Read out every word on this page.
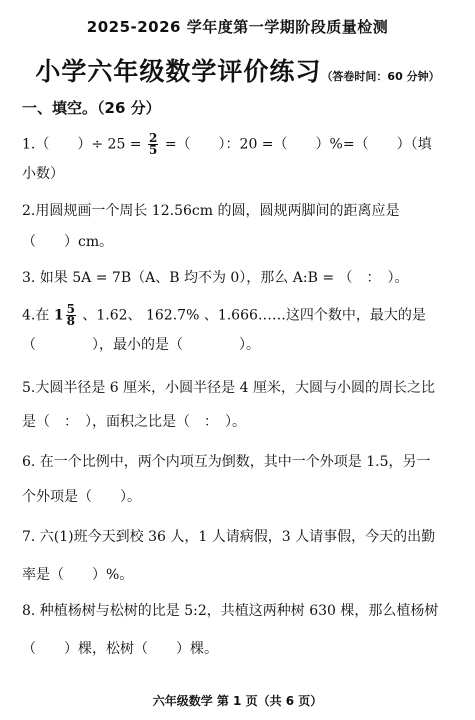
2025-2026 学年度第一学期阶段质量检测
小学六年级数学评价练习（答卷时间：60 分钟）
一、填空。（26 分）
1.（　　）÷ $25 = \frac{2}{5}$ =（　　）：20 =（　　）%=（　　）（填
小数）
2.用圆规画一个周长 12.56cm 的圆，圆规两脚间的距离应是
（　　）cm。
3. 如果 5A = 7B（A、B 均不为 0），那么 A:B = （　：　）。
4.在 $1 \frac{5}{8}$ 、1.62、 162.7% 、1.666……这四个数中，最大的是
（　　　　），最小的是（　　　　）。
5.大圆半径是 6 厘米，小圆半径是 4 厘米，大圆与小圆的周长之比
是（　：　），面积之比是（　：　）。
6. 在一个比例中，两个内项互为倒数，其中一个外项是 1.5，另一
个外项是（　　）。
7. 六(1)班今天到校 36 人，1 人请病假，3 人请事假，今天的出勤
率是（　　）%。
8. 种植杨树与松树的比是 5:2，共植这两种树 630 棵，那么植杨树
（　　）棵，松树（　　）棵。
六年级数学 第 1 页（共 6 页）
